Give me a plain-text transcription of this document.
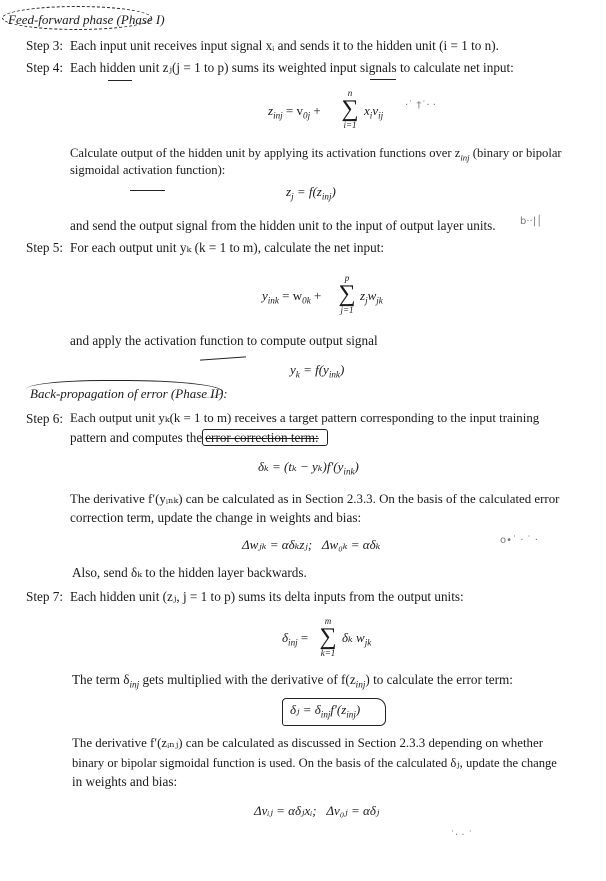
Feed-forward phase (Phase I)
Step 3: Each input unit receives input signal xᵢ and sends it to the hidden unit (i = 1 to n).
Step 4: Each hidden unit zⱼ(j = 1 to p) sums its weighted input signals to calculate net input:
$z_{inj} = v_{0j}$ +
n
∑
i=1
$x_iv_{ij}$
·˙ †˙· ·
Calculate output of the hidden unit by applying its activation functions over $z_{inj}$ (binary or bipolar
sigmoidal activation function):
$z_j = f(z_{inj})$
and send the output signal from the hidden unit to the input of output layer units. b··|│
Step 5: For each output unit yₖ (k = 1 to m), calculate the net input:
$y_{ink} = w_{0k}$ +
p
∑
j=1
$z_jw_{jk}$
and apply the activation function to compute output signal
$y_k = f(y_{ink})$
Back-propagation of error (Phase II):
Step 6: Each output unit yₖ(k = 1 to m) receives a target pattern corresponding to the input training
pattern and computes the error correction term:
$\delta_k = (t_k - y_k)f'(y_{ink})$
The derivative f′(yᵢₙₖ) can be calculated as in Section 2.3.3. On the basis of the calculated error
correction term, update the change in weights and bias:
Δwⱼₖ = αδₖzⱼ;   Δw₀ₖ = αδₖ	o•˙ · ˙ ·
Also, send δₖ to the hidden layer backwards.
Step 7: Each hidden unit (zⱼ, j = 1 to p) sums its delta inputs from the output units:
$\delta_{inj}$ =
m
∑
k=1
δₖ $w_{jk}$
The term $\delta_{inj}$ gets multiplied with the derivative of $f(z_{inj})$ to calculate the error term:
δⱼ = $\delta_{inj}f'(z_{inj})$
The derivative f′(zᵢₙⱼ) can be calculated as discussed in Section 2.3.3 depending on whether
binary or bipolar sigmoidal function is used. On the basis of the calculated δⱼ, update the change
in weights and bias:
Δvᵢⱼ = αδⱼxᵢ;   Δv₀ⱼ = αδⱼ
˙· · ˙
